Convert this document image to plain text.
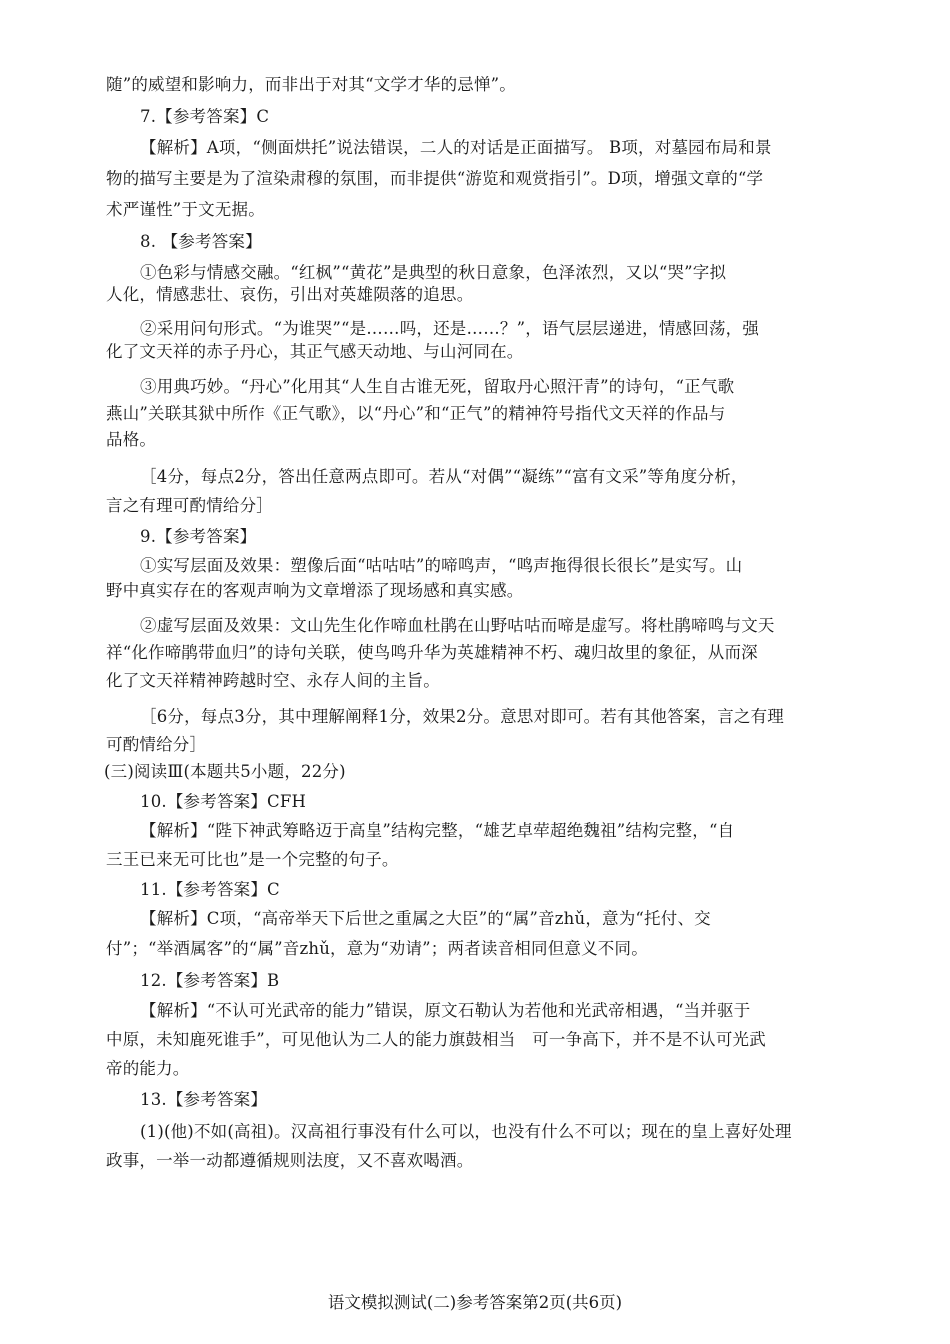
随”的威望和影响力，而非出于对其“文学才华的忌惮”。
7.【参考答案】C
【解析】A项，“侧面烘托”说法错误，二人的对话是正面描写。 B项，对墓园布局和景
物的描写主要是为了渲染肃穆的氛围，而非提供“游览和观赏指引”。D项，增强文章的“学
术严谨性”于文无据。
8. 【参考答案】
①色彩与情感交融。“红枫”“黄花”是典型的秋日意象，色泽浓烈，又以“哭”字拟
人化，情感悲壮、哀伤，引出对英雄陨落的追思。
②采用问句形式。“为谁哭”“是……吗，还是……？”，语气层层递进，情感回荡，强
化了文天祥的赤子丹心，其正气感天动地、与山河同在。
③用典巧妙。“丹心”化用其“人生自古谁无死，留取丹心照汗青”的诗句，“正气歌
燕山”关联其狱中所作《正气歌》，以“丹心”和“正气”的精神符号指代文天祥的作品与
品格。
［4分，每点2分，答出任意两点即可。若从“对偶”“凝练”“富有文采”等角度分析，
言之有理可酌情给分］
9.【参考答案】
①实写层面及效果：塑像后面“咕咕咕”的啼鸣声，“鸣声拖得很长很长”是实写。山
野中真实存在的客观声响为文章增添了现场感和真实感。
②虚写层面及效果：文山先生化作啼血杜鹃在山野咕咕而啼是虚写。将杜鹃啼鸣与文天
祥“化作啼鹃带血归”的诗句关联，使鸟鸣升华为英雄精神不朽、魂归故里的象征，从而深
化了文天祥精神跨越时空、永存人间的主旨。
［6分，每点3分，其中理解阐释1分，效果2分。意思对即可。若有其他答案，言之有理
可酌情给分］
(三)阅读Ⅲ(本题共5小题，22分)
10.【参考答案】CFH
【解析】“陛下神武筹略迈于高皇”结构完整，“雄艺卓荦超绝魏祖”结构完整，“自
三王已来无可比也”是一个完整的句子。
11.【参考答案】C
【解析】C项，“高帝举天下后世之重属之大臣”的“属”音zhǔ，意为“托付、交
付”；“举酒属客”的“属”音zhǔ，意为“劝请”；两者读音相同但意义不同。
12.【参考答案】B
【解析】“不认可光武帝的能力”错误，原文石勒认为若他和光武帝相遇，“当并驱于
中原，未知鹿死谁手”，可见他认为二人的能力旗鼓相当　可一争高下，并不是不认可光武
帝的能力。
13.【参考答案】
(1)(他)不如(高祖)。汉高祖行事没有什么可以，也没有什么不可以；现在的皇上喜好处理
政事，一举一动都遵循规则法度，又不喜欢喝酒。
语文模拟测试(二)参考答案第2页(共6页)
